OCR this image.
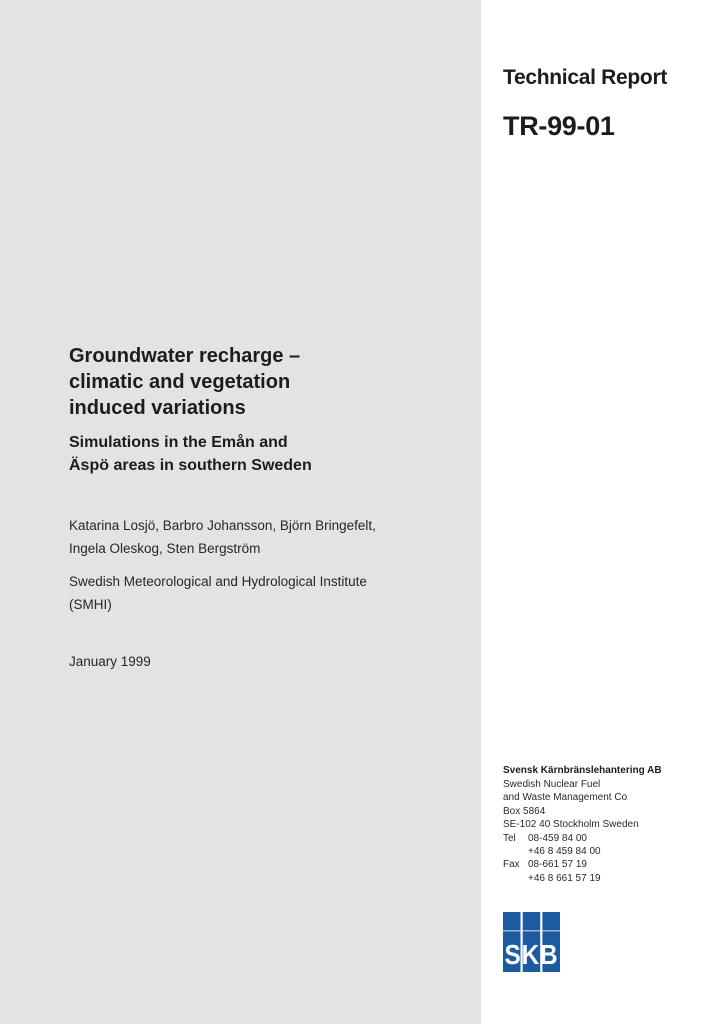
Technical Report
TR-99-01
Groundwater recharge –
climatic and vegetation
induced variations
Simulations in the Emån and
Äspö areas in southern Sweden
Katarina Losjö, Barbro Johansson, Björn Bringefelt,
Ingela Oleskog, Sten Bergström
Swedish Meteorological and Hydrological Institute
(SMHI)
January 1999
Svensk Kärnbränslehantering AB
Swedish Nuclear Fuel
and Waste Management Co
Box 5864
SE-102 40 Stockholm Sweden
Tel	08-459 84 00
+46 8 459 84 00
Fax 08-661 57 19
+46 8 661 57 19
SKB
